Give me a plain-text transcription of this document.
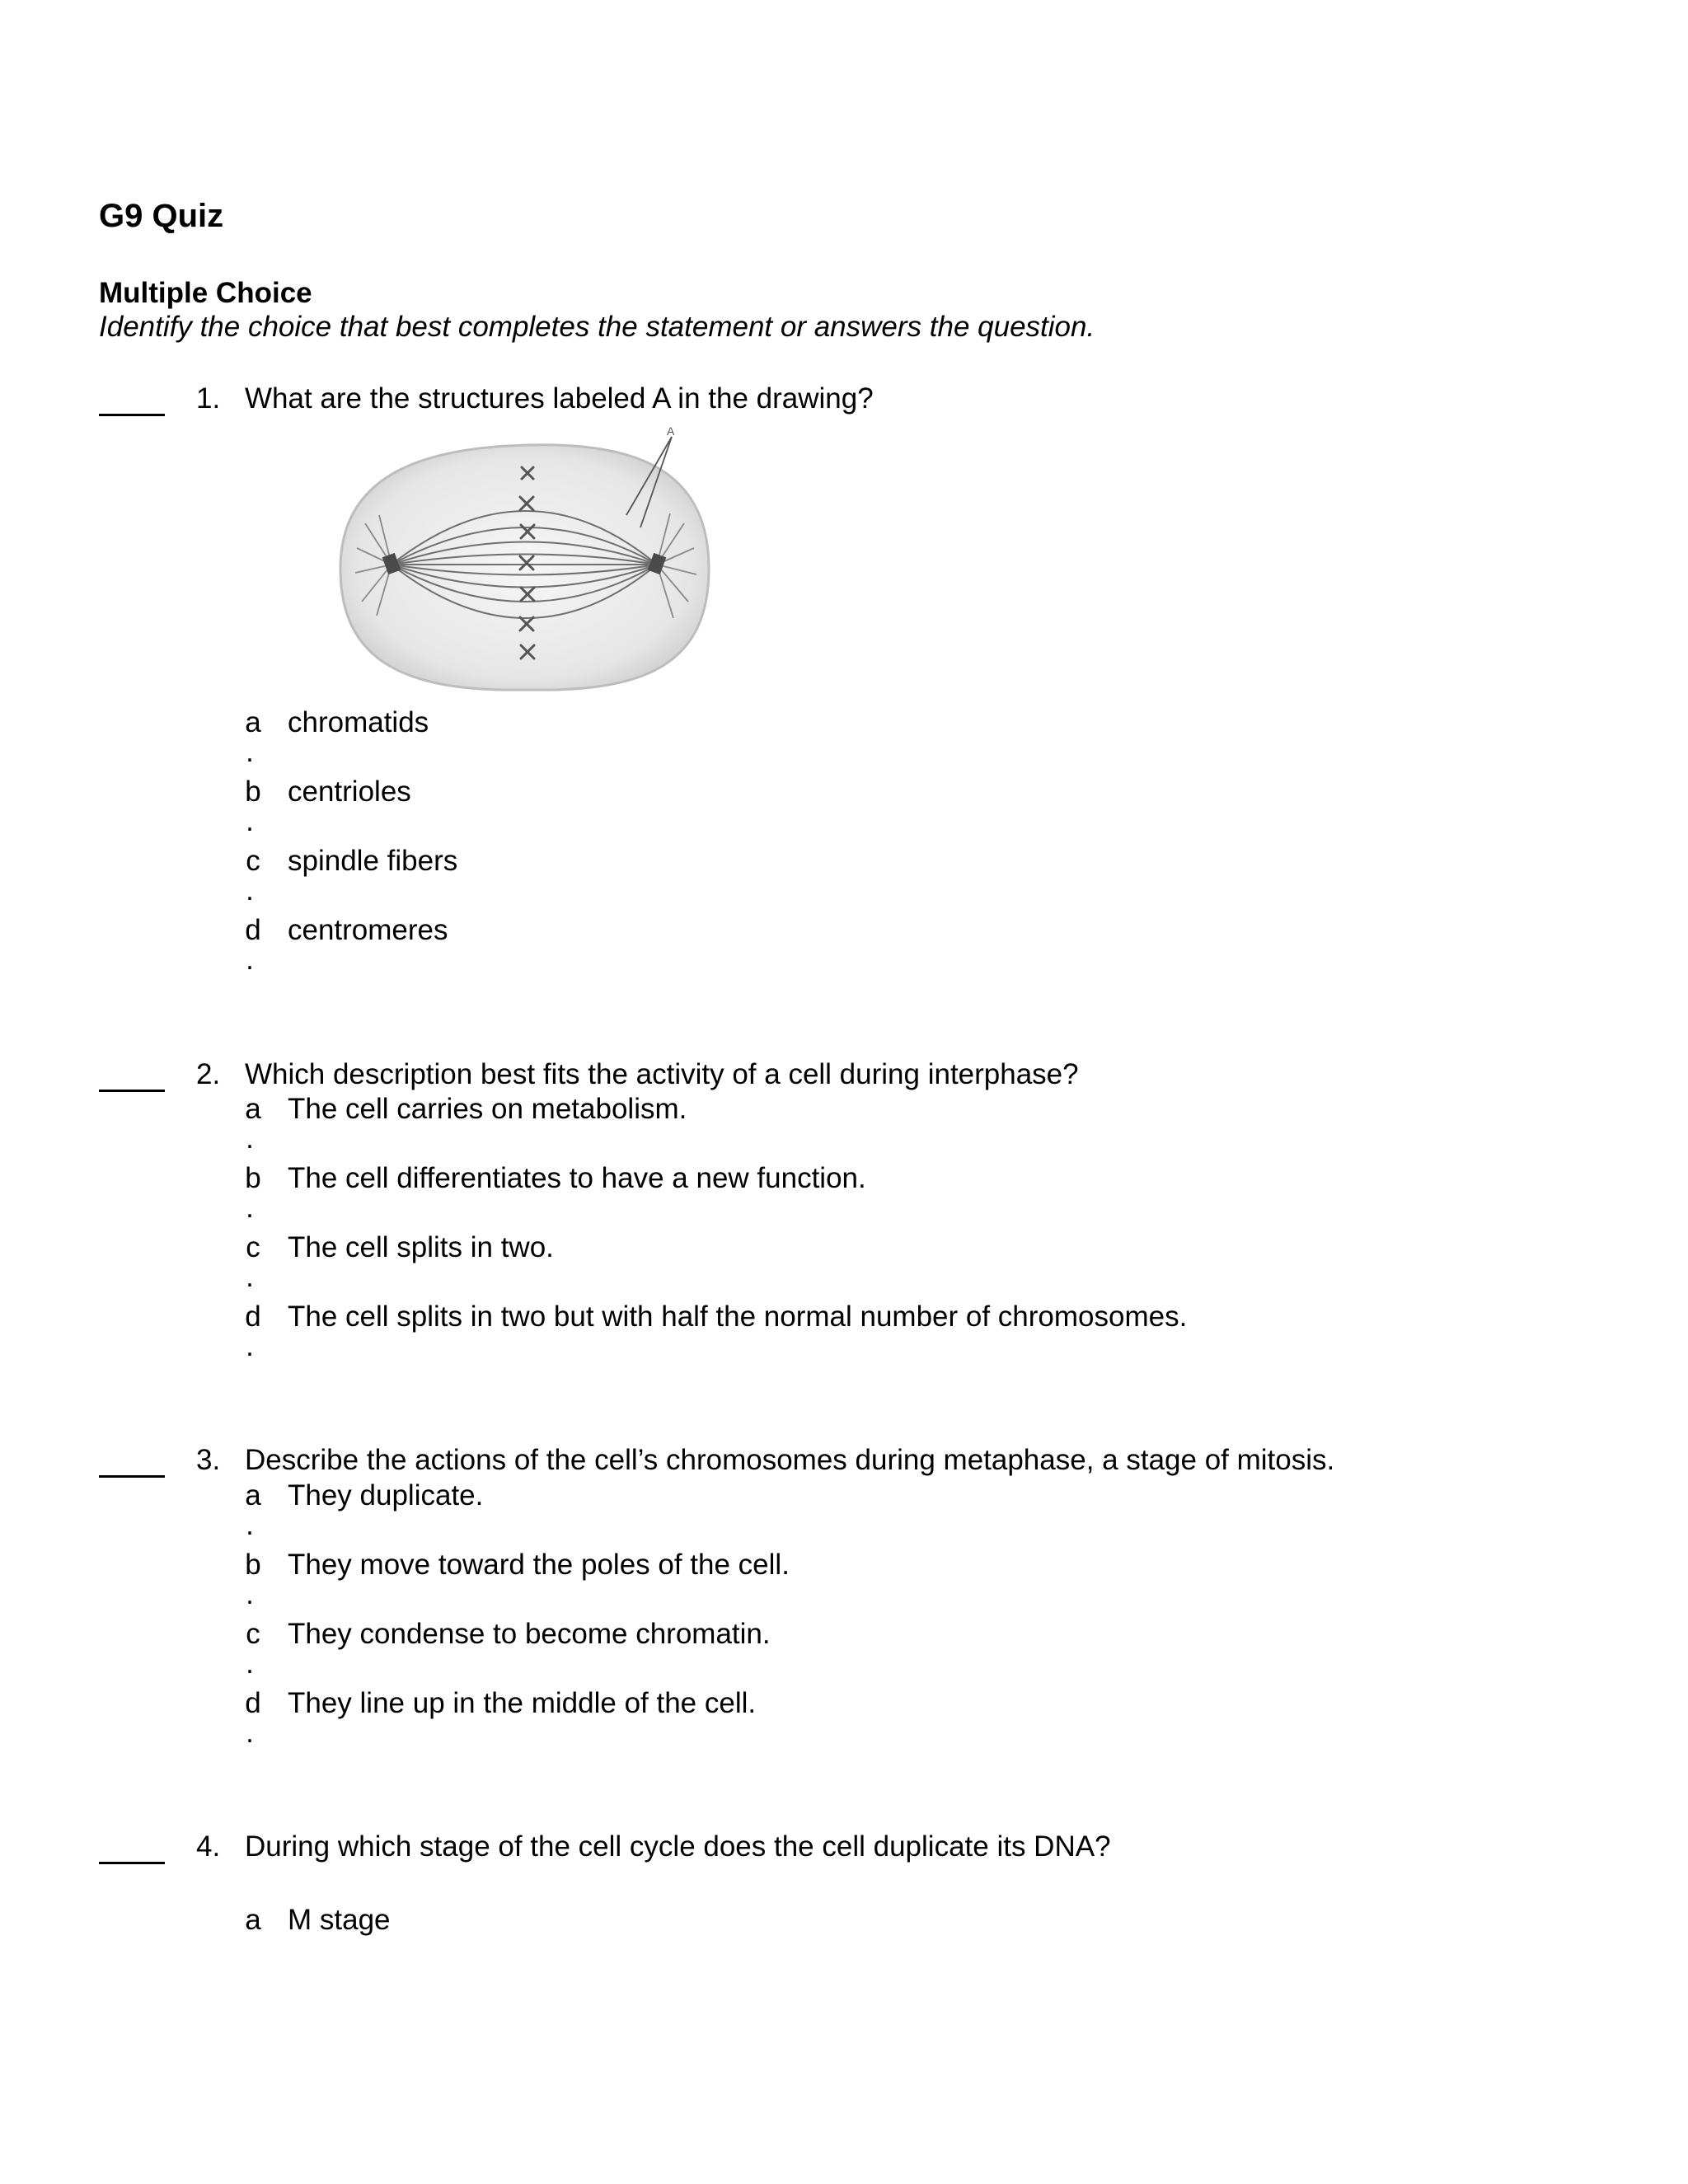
G9 Quiz
Multiple Choice
Identify the choice that best completes the statement or answers the question.
1. What are the structures labeled A in the drawing?
A
a
.
chromatids
b
.
centrioles
c
.
spindle fibers
d
.
centromeres
2. Which description best fits the activity of a cell during interphase?
a
.
The cell carries on metabolism.
b
.
The cell differentiates to have a new function.
c
.
The cell splits in two.
d
.
The cell splits in two but with half the normal number of chromosomes.
3. Describe the actions of the cell’s chromosomes during metaphase, a stage of mitosis.
a
.
They duplicate.
b
.
They move toward the poles of the cell.
c
.
They condense to become chromatin.
d
.
They line up in the middle of the cell.
4. During which stage of the cell cycle does the cell duplicate its DNA?
a M stage
